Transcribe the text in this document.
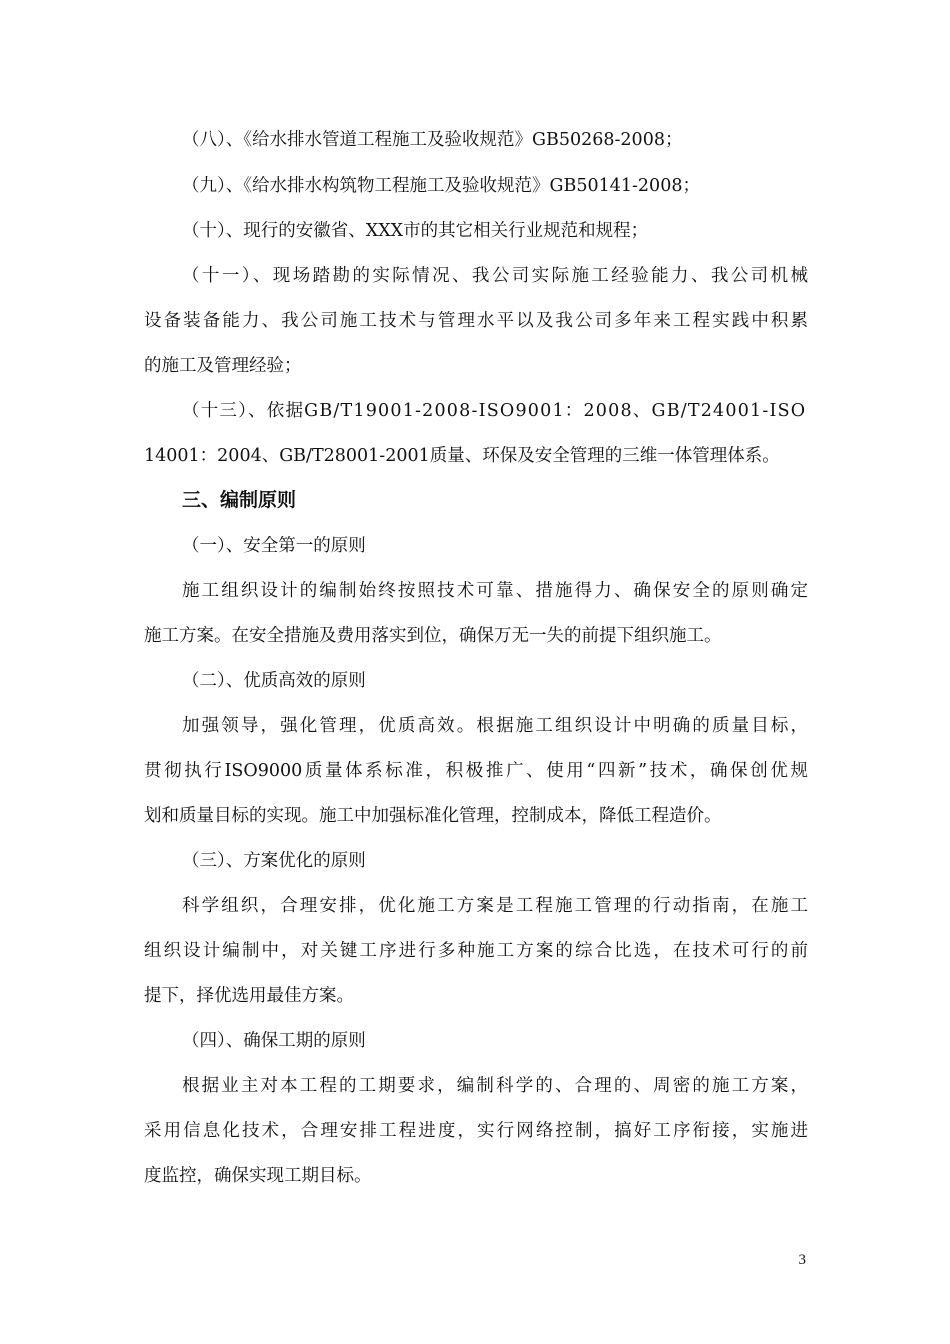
（八）、《给水排水管道工程施工及验收规范》GB50268-2008；
（九）、《给水排水构筑物工程施工及验收规范》GB50141-2008；
（十）、现行的安徽省、XXX市的其它相关行业规范和规程；
（十一）、现场踏勘的实际情况、我公司实际施工经验能力、我公司机械
设备装备能力、我公司施工技术与管理水平以及我公司多年来工程实践中积累
的施工及管理经验；
（十三）、依据GB/T19001-2008-ISO9001：2008、GB/T24001-ISO
14001：2004、GB/T28001-2001质量、环保及安全管理的三维一体管理体系。
三、编制原则
（一）、安全第一的原则
施工组织设计的编制始终按照技术可靠、措施得力、确保安全的原则确定
施工方案。在安全措施及费用落实到位，确保万无一失的前提下组织施工。
（二）、优质高效的原则
加强领导，强化管理，优质高效。根据施工组织设计中明确的质量目标，
贯彻执行ISO9000质量体系标准，积极推广、使用“四新”技术，确保创优规
划和质量目标的实现。施工中加强标准化管理，控制成本，降低工程造价。
（三）、方案优化的原则
科学组织，合理安排，优化施工方案是工程施工管理的行动指南，在施工
组织设计编制中，对关键工序进行多种施工方案的综合比选，在技术可行的前
提下，择优选用最佳方案。
（四）、确保工期的原则
根据业主对本工程的工期要求，编制科学的、合理的、周密的施工方案，
采用信息化技术，合理安排工程进度，实行网络控制，搞好工序衔接，实施进
度监控，确保实现工期目标。
3
